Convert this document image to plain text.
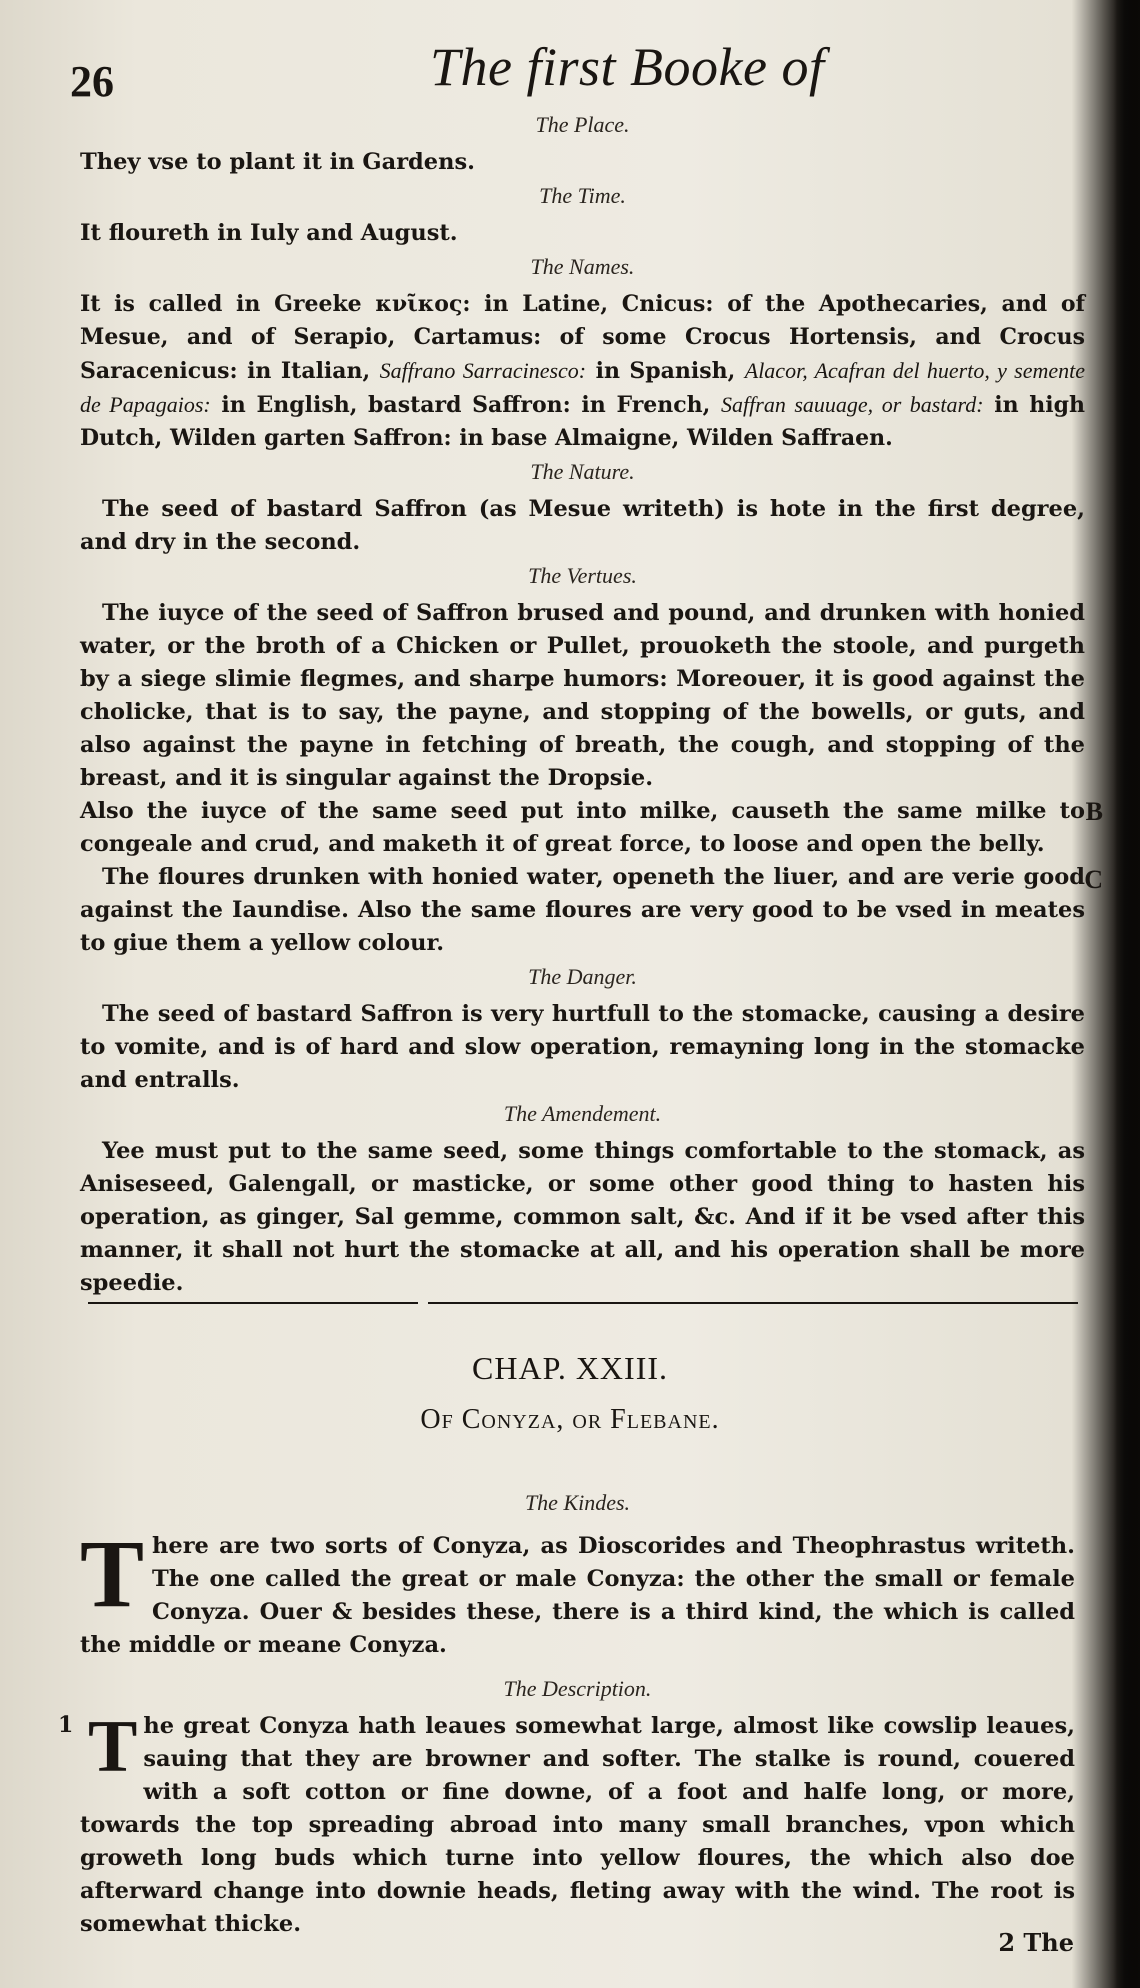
26	The first Booke of
The Place.

They vse to plant it in Gardens.

The Time.

It floureth in Iuly and August.

The Names.

It is called in Greeke κνῖκος: in Latine, Cnicus: of the Apothecaries, and of Mesue, and of Serapio, Cartamus: of some Crocus Hortensis, and Crocus Saracenicus: in Italian, Saffrano Sarracinesco: in Spanish, Alacor, Acafran del huerto, y semente de Papagaios: in English, bastard Saffron: in French, Saffran sauuage, or bastard: in high Dutch, Wilden garten Saffron: in base Almaigne, Wilden Saffraen.

The Nature.

The seed of bastard Saffron (as Mesue writeth) is hote in the first degree, and dry in the second.

The Vertues.

The iuyce of the seed of Saffron brused and pound, and drunken with honied water, or the broth of a Chicken or Pullet, prouoketh the stoole, and purgeth by a siege slimie flegmes, and sharpe humors: Moreouer, it is good against the cholicke, that is to say, the payne, and stopping of the bowells, or guts, and also against the payne in fetching of breath, the cough, and stopping of the breast, and it is singular against the Dropsie.

Also the iuyce of the same seed put into milke, causeth the same milke to congeale and crud, and maketh it of great force, to loose and open the belly.

B

The floures drunken with honied water, openeth the liuer, and are verie good against the Iaundise. Also the same floures are very good to be vsed in meates to giue them a yellow colour.

C
The Danger.

The seed of bastard Saffron is very hurtfull to the stomacke, causing a desire to vomite, and is of hard and slow operation, remayning long in the stomacke and entralls.

The Amendement.

Yee must put to the same seed, some things comfortable to the stomack, as Aniseseed, Galengall, or masticke, or some other good thing to hasten his operation, as ginger, Sal gemme, common salt, &c. And if it be vsed after this manner, it shall not hurt the stomacke at all, and his operation shall be more speedie.

CHAP. XXIII.
Of Conyza, or Flebane.
The Kindes.
T here are two sorts of Conyza, as Dioscorides and Theophrastus writeth. The one called the great or male Conyza: the other the small or female Conyza. Ouer & besides these, there is a third kind, the which is called the middle or meane Conyza.

The Description.
1 T he great Conyza hath leaues somewhat large, almost like cowslip leaues, sauing that they are browner and softer. The stalke is round, couered with a soft cotton or fine downe, of a foot and halfe long, or more, towards the top spreading abroad into many small branches, vpon which groweth long buds which turne into yellow floures, the which also doe afterward change into downie heads, fleting away with the wind. The root is somewhat thicke.

2 The
